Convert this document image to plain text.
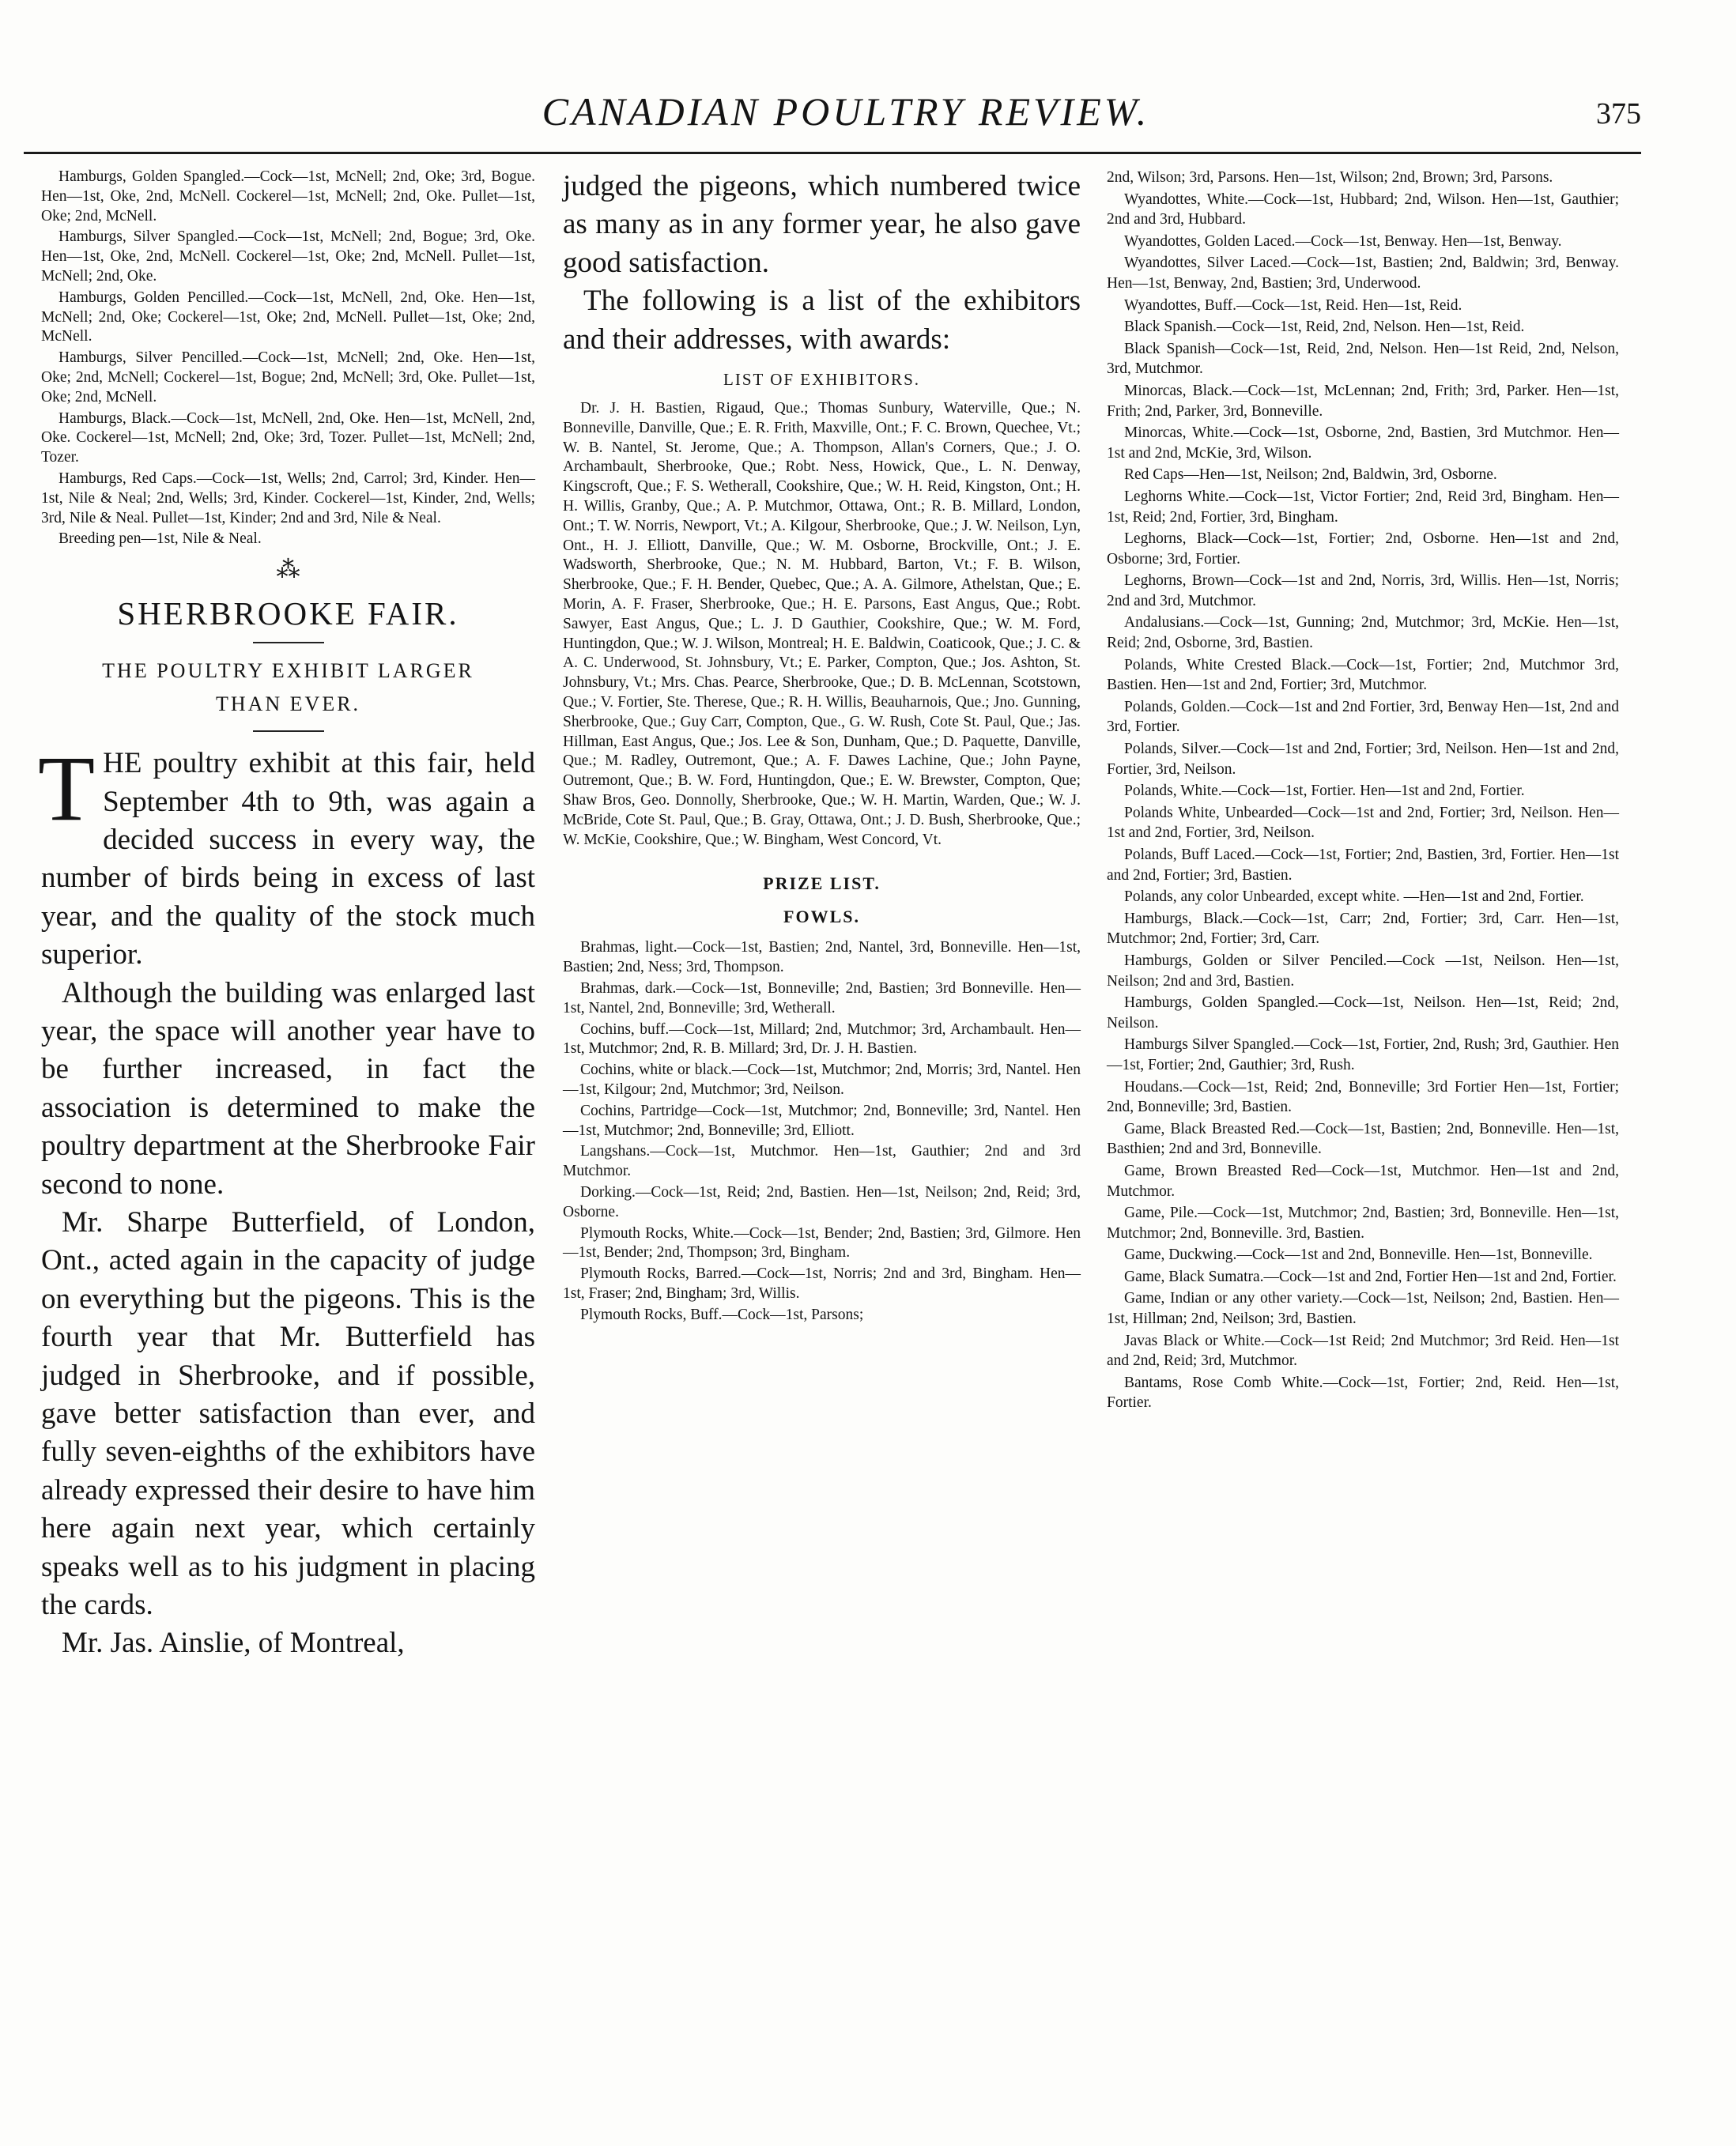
CANADIAN POULTRY REVIEW.	375

Hamburgs, Golden Spangled.—Cock—1st, McNell; 2nd, Oke; 3rd, Bogue. Hen—1st, Oke, 2nd, McNell. Cockerel—1st, McNell; 2nd, Oke. Pullet—1st, Oke; 2nd, McNell.

Hamburgs, Silver Spangled.—Cock—1st, McNell; 2nd, Bogue; 3rd, Oke. Hen—1st, Oke, 2nd, McNell. Cockerel—1st, Oke; 2nd, McNell. Pullet—1st, McNell; 2nd, Oke.

Hamburgs, Golden Pencilled.—Cock—1st, McNell, 2nd, Oke. Hen—1st, McNell; 2nd, Oke; Cockerel—1st, Oke; 2nd, McNell. Pullet—1st, Oke; 2nd, McNell.

Hamburgs, Silver Pencilled.—Cock—1st, McNell; 2nd, Oke. Hen—1st, Oke; 2nd, McNell; Cockerel—1st, Bogue; 2nd, McNell; 3rd, Oke. Pullet—1st, Oke; 2nd, McNell.

Hamburgs, Black.—Cock—1st, McNell, 2nd, Oke. Hen—1st, McNell, 2nd, Oke. Cockerel—1st, McNell; 2nd, Oke; 3rd, Tozer. Pullet—1st, McNell; 2nd, Tozer.

Hamburgs, Red Caps.—Cock—1st, Wells; 2nd, Carrol; 3rd, Kinder. Hen—1st, Nile & Neal; 2nd, Wells; 3rd, Kinder. Cockerel—1st, Kinder, 2nd, Wells; 3rd, Nile & Neal. Pullet—1st, Kinder; 2nd and 3rd, Nile & Neal.

Breeding pen—1st, Nile & Neal.

⁂
SHERBROOKE FAIR.
THE POULTRY EXHIBIT LARGER
THAN EVER.
T HE poultry exhibit at this fair, held September 4th to 9th, was again a decided success in every way, the number of birds being in excess of last year, and the quality of the stock much superior.

Although the building was enlarged last year, the space will another year have to be further increased, in fact the association is determined to make the poultry department at the Sherbrooke Fair second to none.

Mr. Sharpe Butterfield, of London, Ont., acted again in the capacity of judge on everything but the pigeons. This is the fourth year that Mr. Butterfield has judged in Sherbrooke, and if possible, gave better satisfaction than ever, and fully seven-eighths of the exhibitors have already expressed their desire to have him here again next year, which certainly speaks well as to his judgment in placing the cards.

Mr. Jas. Ainslie, of Montreal,

judged the pigeons, which numbered twice as many as in any former year, he also gave good satisfaction.

The following is a list of the exhibitors and their addresses, with awards:

LIST OF EXHIBITORS.

Dr. J. H. Bastien, Rigaud, Que.; Thomas Sunbury, Waterville, Que.; N. Bonneville, Danville, Que.; E. R. Frith, Maxville, Ont.; F. C. Brown, Quechee, Vt.; W. B. Nantel, St. Jerome, Que.; A. Thompson, Allan's Corners, Que.; J. O. Archambault, Sherbrooke, Que.; Robt. Ness, Howick, Que., L. N. Denway, Kingscroft, Que.; F. S. Wetherall, Cookshire, Que.; W. H. Reid, Kingston, Ont.; H. H. Willis, Granby, Que.; A. P. Mutchmor, Ottawa, Ont.; R. B. Millard, London, Ont.; T. W. Norris, Newport, Vt.; A. Kilgour, Sherbrooke, Que.; J. W. Neilson, Lyn, Ont., H. J. Elliott, Danville, Que.; W. M. Osborne, Brockville, Ont.; J. E. Wadsworth, Sherbrooke, Que.; N. M. Hubbard, Barton, Vt.; F. B. Wilson, Sherbrooke, Que.; F. H. Bender, Quebec, Que.; A. A. Gilmore, Athelstan, Que.; E. Morin, A. F. Fraser, Sherbrooke, Que.; H. E. Parsons, East Angus, Que.; Robt. Sawyer, East Angus, Que.; L. J. D Gauthier, Cookshire, Que.; W. M. Ford, Huntingdon, Que.; W. J. Wilson, Montreal; H. E. Baldwin, Coaticook, Que.; J. C. & A. C. Underwood, St. Johnsbury, Vt.; E. Parker, Compton, Que.; Jos. Ashton, St. Johnsbury, Vt.; Mrs. Chas. Pearce, Sherbrooke, Que.; D. B. McLennan, Scotstown, Que.; V. Fortier, Ste. Therese, Que.; R. H. Willis, Beauharnois, Que.; Jno. Gunning, Sherbrooke, Que.; Guy Carr, Compton, Que., G. W. Rush, Cote St. Paul, Que.; Jas. Hillman, East Angus, Que.; Jos. Lee & Son, Dunham, Que.; D. Paquette, Danville, Que.; M. Radley, Outremont, Que.; A. F. Dawes Lachine, Que.; John Payne, Outremont, Que.; B. W. Ford, Huntingdon, Que.; E. W. Brewster, Compton, Que; Shaw Bros, Geo. Donnolly, Sherbrooke, Que.; W. H. Martin, Warden, Que.; W. J. McBride, Cote St. Paul, Que.; B. Gray, Ottawa, Ont.; J. D. Bush, Sherbrooke, Que.; W. McKie, Cookshire, Que.; W. Bingham, West Concord, Vt.

PRIZE LIST.
FOWLS.

Brahmas, light.—Cock—1st, Bastien; 2nd, Nantel, 3rd, Bonneville. Hen—1st, Bastien; 2nd, Ness; 3rd, Thompson.

Brahmas, dark.—Cock—1st, Bonneville; 2nd, Bastien; 3rd Bonneville. Hen—1st, Nantel, 2nd, Bonneville; 3rd, Wetherall.

Cochins, buff.—Cock—1st, Millard; 2nd, Mutchmor; 3rd, Archambault. Hen—1st, Mutchmor; 2nd, R. B. Millard; 3rd, Dr. J. H. Bastien.

Cochins, white or black.—Cock—1st, Mutchmor; 2nd, Morris; 3rd, Nantel. Hen—1st, Kilgour; 2nd, Mutchmor; 3rd, Neilson.

Cochins, Partridge—Cock—1st, Mutchmor; 2nd, Bonneville; 3rd, Nantel. Hen—1st, Mutchmor; 2nd, Bonneville; 3rd, Elliott.

Langshans.—Cock—1st, Mutchmor. Hen—1st, Gauthier; 2nd and 3rd Mutchmor.

Dorking.—Cock—1st, Reid; 2nd, Bastien. Hen—1st, Neilson; 2nd, Reid; 3rd, Osborne.

Plymouth Rocks, White.—Cock—1st, Bender; 2nd, Bastien; 3rd, Gilmore. Hen—1st, Bender; 2nd, Thompson; 3rd, Bingham.

Plymouth Rocks, Barred.—Cock—1st, Norris; 2nd and 3rd, Bingham. Hen—1st, Fraser; 2nd, Bingham; 3rd, Willis.

Plymouth Rocks, Buff.—Cock—1st, Parsons;

2nd, Wilson; 3rd, Parsons. Hen—1st, Wilson; 2nd, Brown; 3rd, Parsons.

Wyandottes, White.—Cock—1st, Hubbard; 2nd, Wilson. Hen—1st, Gauthier; 2nd and 3rd, Hubbard.

Wyandottes, Golden Laced.—Cock—1st, Benway. Hen—1st, Benway.

Wyandottes, Silver Laced.—Cock—1st, Bastien; 2nd, Baldwin; 3rd, Benway. Hen—1st, Benway, 2nd, Bastien; 3rd, Underwood.

Wyandottes, Buff.—Cock—1st, Reid. Hen—1st, Reid.

Black Spanish.—Cock—1st, Reid, 2nd, Nelson. Hen—1st, Reid.

Black Spanish—Cock—1st, Reid, 2nd, Nelson. Hen—1st Reid, 2nd, Nelson, 3rd, Mutchmor.

Minorcas, Black.—Cock—1st, McLennan; 2nd, Frith; 3rd, Parker. Hen—1st, Frith; 2nd, Parker, 3rd, Bonneville.

Minorcas, White.—Cock—1st, Osborne, 2nd, Bastien, 3rd Mutchmor. Hen—1st and 2nd, McKie, 3rd, Wilson.

Red Caps—Hen—1st, Neilson; 2nd, Baldwin, 3rd, Osborne.

Leghorns White.—Cock—1st, Victor Fortier; 2nd, Reid 3rd, Bingham. Hen—1st, Reid; 2nd, Fortier, 3rd, Bingham.

Leghorns, Black—Cock—1st, Fortier; 2nd, Osborne. Hen—1st and 2nd, Osborne; 3rd, Fortier.

Leghorns, Brown—Cock—1st and 2nd, Norris, 3rd, Willis. Hen—1st, Norris; 2nd and 3rd, Mutchmor.

Andalusians.—Cock—1st, Gunning; 2nd, Mutchmor; 3rd, McKie. Hen—1st, Reid; 2nd, Osborne, 3rd, Bastien.

Polands, White Crested Black.—Cock—1st, Fortier; 2nd, Mutchmor 3rd, Bastien. Hen—1st and 2nd, Fortier; 3rd, Mutchmor.

Polands, Golden.—Cock—1st and 2nd Fortier, 3rd, Benway Hen—1st, 2nd and 3rd, Fortier.

Polands, Silver.—Cock—1st and 2nd, Fortier; 3rd, Neilson. Hen—1st and 2nd, Fortier, 3rd, Neilson.

Polands, White.—Cock—1st, Fortier. Hen—1st and 2nd, Fortier.

Polands White, Unbearded—Cock—1st and 2nd, Fortier; 3rd, Neilson. Hen—1st and 2nd, Fortier, 3rd, Neilson.

Polands, Buff Laced.—Cock—1st, Fortier; 2nd, Bastien, 3rd, Fortier. Hen—1st and 2nd, Fortier; 3rd, Bastien.

Polands, any color Unbearded, except white. —Hen—1st and 2nd, Fortier.

Hamburgs, Black.—Cock—1st, Carr; 2nd, Fortier; 3rd, Carr. Hen—1st, Mutchmor; 2nd, Fortier; 3rd, Carr.

Hamburgs, Golden or Silver Penciled.—Cock —1st, Neilson. Hen—1st, Neilson; 2nd and 3rd, Bastien.

Hamburgs, Golden Spangled.—Cock—1st, Neilson. Hen—1st, Reid; 2nd, Neilson.

Hamburgs Silver Spangled.—Cock—1st, Fortier, 2nd, Rush; 3rd, Gauthier. Hen—1st, Fortier; 2nd, Gauthier; 3rd, Rush.

Houdans.—Cock—1st, Reid; 2nd, Bonneville; 3rd Fortier Hen—1st, Fortier; 2nd, Bonneville; 3rd, Bastien.

Game, Black Breasted Red.—Cock—1st, Bastien; 2nd, Bonneville. Hen—1st, Basthien; 2nd and 3rd, Bonneville.

Game, Brown Breasted Red—Cock—1st, Mutchmor. Hen—1st and 2nd, Mutchmor.

Game, Pile.—Cock—1st, Mutchmor; 2nd, Bastien; 3rd, Bonneville. Hen—1st, Mutchmor; 2nd, Bonneville. 3rd, Bastien.

Game, Duckwing.—Cock—1st and 2nd, Bonneville. Hen—1st, Bonneville.

Game, Black Sumatra.—Cock—1st and 2nd, Fortier Hen—1st and 2nd, Fortier.

Game, Indian or any other variety.—Cock—1st, Neilson; 2nd, Bastien. Hen—1st, Hillman; 2nd, Neilson; 3rd, Bastien.

Javas Black or White.—Cock—1st Reid; 2nd Mutchmor; 3rd Reid. Hen—1st and 2nd, Reid; 3rd, Mutchmor.

Bantams, Rose Comb White.—Cock—1st, Fortier; 2nd, Reid. Hen—1st, Fortier.
